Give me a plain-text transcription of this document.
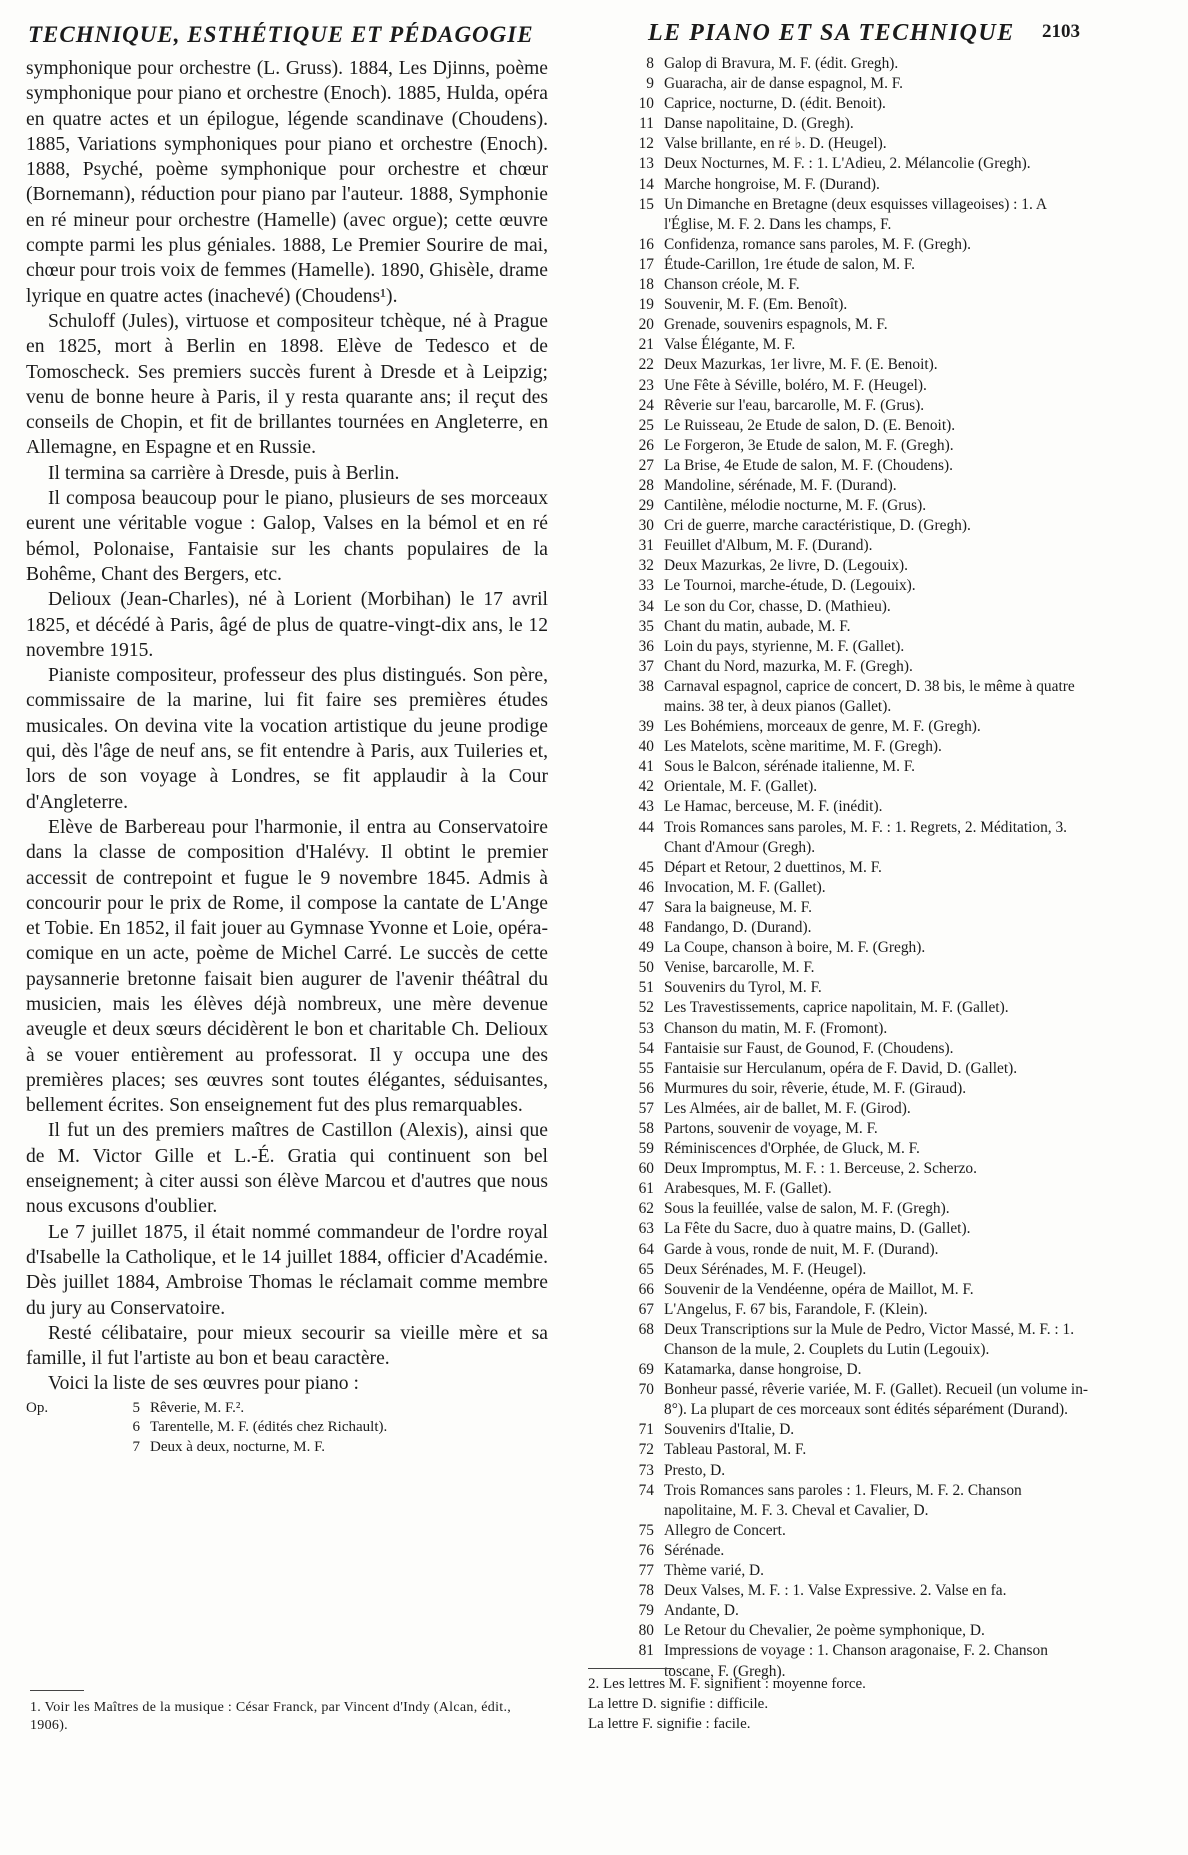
TECHNIQUE, ESTHÉTIQUE ET PÉDAGOGIE	LE PIANO ET SA TECHNIQUE 2103

symphonique pour orchestre (L. Gruss). 1884, Les Djinns, poème symphonique pour piano et orchestre (Enoch). 1885, Hulda, opéra en quatre actes et un épilogue, légende scandinave (Choudens). 1885, Variations symphoniques pour piano et orchestre (Enoch). 1888, Psyché, poème symphonique pour orchestre et chœur (Bornemann), réduction pour piano par l'auteur. 1888, Symphonie en ré mineur pour orchestre (Hamelle) (avec orgue); cette œuvre compte parmi les plus géniales. 1888, Le Premier Sourire de mai, chœur pour trois voix de femmes (Hamelle). 1890, Ghisèle, drame lyrique en quatre actes (inachevé) (Choudens¹).

Schuloff (Jules), virtuose et compositeur tchèque, né à Prague en 1825, mort à Berlin en 1898. Elève de Tedesco et de Tomoscheck. Ses premiers succès furent à Dresde et à Leipzig; venu de bonne heure à Paris, il y resta quarante ans; il reçut des conseils de Chopin, et fit de brillantes tournées en Angleterre, en Allemagne, en Espagne et en Russie.

Il termina sa carrière à Dresde, puis à Berlin.

Il composa beaucoup pour le piano, plusieurs de ses morceaux eurent une véritable vogue : Galop, Valses en la bémol et en ré bémol, Polonaise, Fantaisie sur les chants populaires de la Bohême, Chant des Bergers, etc.

Delioux (Jean-Charles), né à Lorient (Morbihan) le 17 avril 1825, et décédé à Paris, âgé de plus de quatre-vingt-dix ans, le 12 novembre 1915.

Pianiste compositeur, professeur des plus distingués. Son père, commissaire de la marine, lui fit faire ses premières études musicales. On devina vite la vocation artistique du jeune prodige qui, dès l'âge de neuf ans, se fit entendre à Paris, aux Tuileries et, lors de son voyage à Londres, se fit applaudir à la Cour d'Angleterre.

Elève de Barbereau pour l'harmonie, il entra au Conservatoire dans la classe de composition d'Halévy. Il obtint le premier accessit de contrepoint et fugue le 9 novembre 1845. Admis à concourir pour le prix de Rome, il compose la cantate de L'Ange et Tobie. En 1852, il fait jouer au Gymnase Yvonne et Loie, opéra-comique en un acte, poème de Michel Carré. Le succès de cette paysannerie bretonne faisait bien augurer de l'avenir théâtral du musicien, mais les élèves déjà nombreux, une mère devenue aveugle et deux sœurs décidèrent le bon et charitable Ch. Delioux à se vouer entièrement au professorat. Il y occupa une des premières places; ses œuvres sont toutes élégantes, séduisantes, bellement écrites. Son enseignement fut des plus remarquables.

Il fut un des premiers maîtres de Castillon (Alexis), ainsi que de M. Victor Gille et L.-É. Gratia qui continuent son bel enseignement; à citer aussi son élève Marcou et d'autres que nous nous excusons d'oublier.

Le 7 juillet 1875, il était nommé commandeur de l'ordre royal d'Isabelle la Catholique, et le 14 juillet 1884, officier d'Académie. Dès juillet 1884, Ambroise Thomas le réclamait comme membre du jury au Conservatoire.

Resté célibataire, pour mieux secourir sa vieille mère et sa famille, il fut l'artiste au bon et beau caractère.

Voici la liste de ses œuvres pour piano :

Op.	5 Rêverie, M. F.².
6 Tarentelle, M. F. (édités chez Richault).
7 Deux à deux, nocturne, M. F.
1. Voir les Maîtres de la musique : César Franck, par Vincent d'Indy (Alcan, édit., 1906).
8 Galop di Bravura, M. F. (édit. Gregh).
9 Guaracha, air de danse espagnol, M. F.
10 Caprice, nocturne, D. (édit. Benoit).
11 Danse napolitaine, D. (Gregh).
12 Valse brillante, en ré ♭. D. (Heugel).
13 Deux Nocturnes, M. F. : 1. L'Adieu, 2. Mélancolie (Gregh).
14 Marche hongroise, M. F. (Durand).
15 Un Dimanche en Bretagne (deux esquisses villageoises) : 1. A l'Église, M. F. 2. Dans les champs, F.
16 Confidenza, romance sans paroles, M. F. (Gregh).
17 Étude-Carillon, 1re étude de salon, M. F.
18 Chanson créole, M. F.
19 Souvenir, M. F. (Em. Benoît).
20 Grenade, souvenirs espagnols, M. F.
21 Valse Élégante, M. F.
22 Deux Mazurkas, 1er livre, M. F. (E. Benoit).
23 Une Fête à Séville, boléro, M. F. (Heugel).
24 Rêverie sur l'eau, barcarolle, M. F. (Grus).
25 Le Ruisseau, 2e Etude de salon, D. (E. Benoit).
26 Le Forgeron, 3e Etude de salon, M. F. (Gregh).
27 La Brise, 4e Etude de salon, M. F. (Choudens).
28 Mandoline, sérénade, M. F. (Durand).
29 Cantilène, mélodie nocturne, M. F. (Grus).
30 Cri de guerre, marche caractéristique, D. (Gregh).
31 Feuillet d'Album, M. F. (Durand).
32 Deux Mazurkas, 2e livre, D. (Legouix).
33 Le Tournoi, marche-étude, D. (Legouix).
34 Le son du Cor, chasse, D. (Mathieu).
35 Chant du matin, aubade, M. F.
36 Loin du pays, styrienne, M. F. (Gallet).
37 Chant du Nord, mazurka, M. F. (Gregh).
38 Carnaval espagnol, caprice de concert, D. 38 bis, le même à quatre mains. 38 ter, à deux pianos (Gallet).
39 Les Bohémiens, morceaux de genre, M. F. (Gregh).
40 Les Matelots, scène maritime, M. F. (Gregh).
41 Sous le Balcon, sérénade italienne, M. F.
42 Orientale, M. F. (Gallet).
43 Le Hamac, berceuse, M. F. (inédit).
44 Trois Romances sans paroles, M. F. : 1. Regrets, 2. Méditation, 3. Chant d'Amour (Gregh).
45 Départ et Retour, 2 duettinos, M. F.
46 Invocation, M. F. (Gallet).
47 Sara la baigneuse, M. F.
48 Fandango, D. (Durand).
49 La Coupe, chanson à boire, M. F. (Gregh).
50 Venise, barcarolle, M. F.
51 Souvenirs du Tyrol, M. F.
52 Les Travestissements, caprice napolitain, M. F. (Gallet).
53 Chanson du matin, M. F. (Fromont).
54 Fantaisie sur Faust, de Gounod, F. (Choudens).
55 Fantaisie sur Herculanum, opéra de F. David, D. (Gallet).
56 Murmures du soir, rêverie, étude, M. F. (Giraud).
57 Les Almées, air de ballet, M. F. (Girod).
58 Partons, souvenir de voyage, M. F.
59 Réminiscences d'Orphée, de Gluck, M. F.
60 Deux Impromptus, M. F. : 1. Berceuse, 2. Scherzo.
61 Arabesques, M. F. (Gallet).
62 Sous la feuillée, valse de salon, M. F. (Gregh).
63 La Fête du Sacre, duo à quatre mains, D. (Gallet).
64 Garde à vous, ronde de nuit, M. F. (Durand).
65 Deux Sérénades, M. F. (Heugel).
66 Souvenir de la Vendéenne, opéra de Maillot, M. F.
67 L'Angelus, F. 67 bis, Farandole, F. (Klein).
68 Deux Transcriptions sur la Mule de Pedro, Victor Massé, M. F. : 1. Chanson de la mule, 2. Couplets du Lutin (Legouix).
69 Katamarka, danse hongroise, D.
70 Bonheur passé, rêverie variée, M. F. (Gallet). Recueil (un volume in-8°). La plupart de ces morceaux sont édités séparément (Durand).
71 Souvenirs d'Italie, D.
72 Tableau Pastoral, M. F.
73 Presto, D.
74 Trois Romances sans paroles : 1. Fleurs, M. F. 2. Chanson napolitaine, M. F. 3. Cheval et Cavalier, D.
75 Allegro de Concert.
76 Sérénade.
77 Thème varié, D.
78 Deux Valses, M. F. : 1. Valse Expressive. 2. Valse en fa.
79 Andante, D.
80 Le Retour du Chevalier, 2e poème symphonique, D.
81 Impressions de voyage : 1. Chanson aragonaise, F. 2. Chanson toscane, F. (Gregh).
2. Les lettres M. F. signifient : moyenne force.
La lettre D. signifie : difficile.
La lettre F. signifie : facile.
